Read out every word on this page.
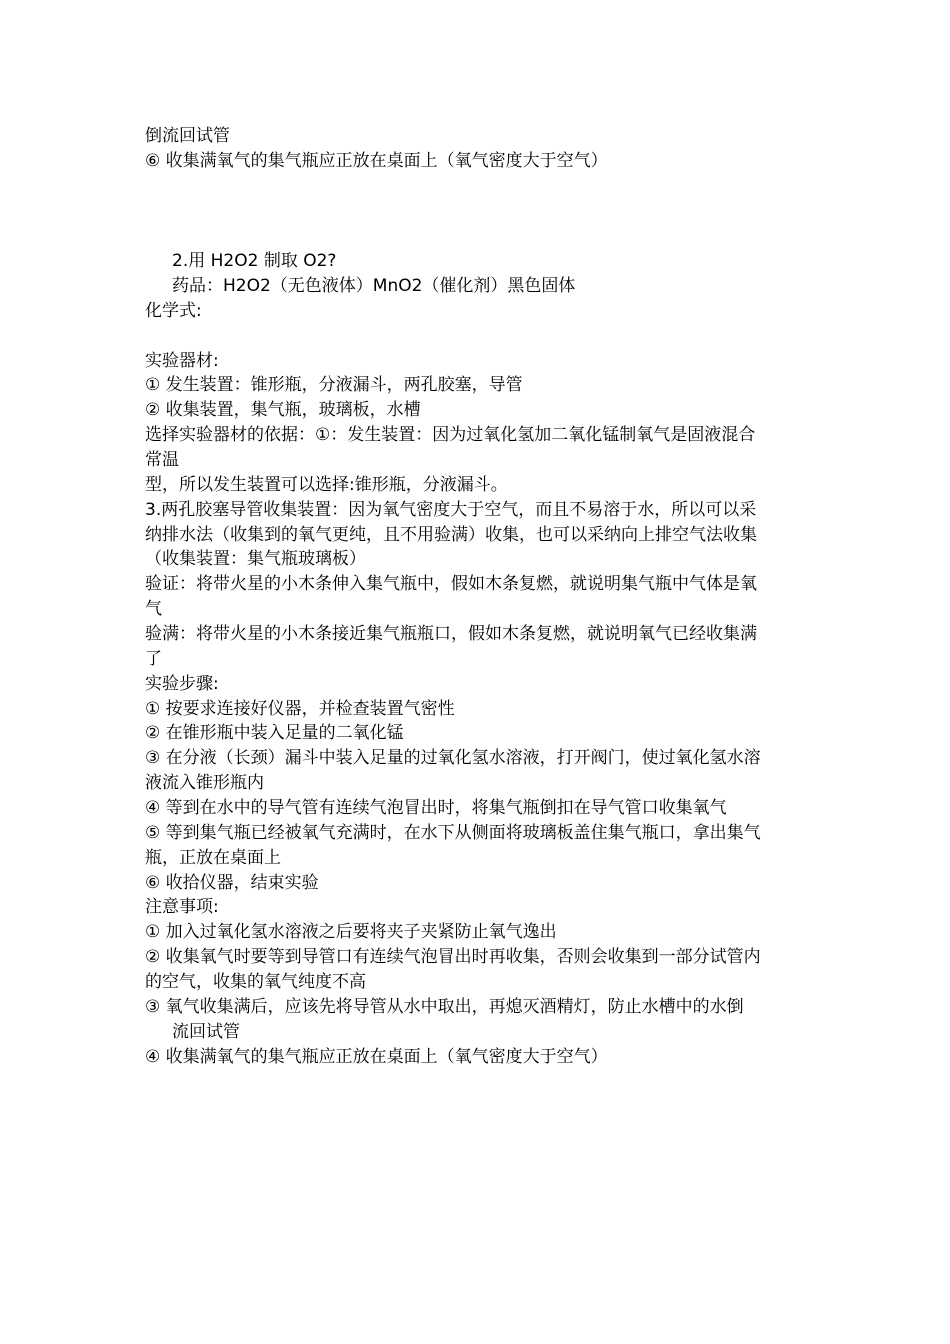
倒流回试管
⑥ 收集满氧气的集气瓶应正放在桌面上（氧气密度大于空气）
2.用 H2O2 制取 O2?
药品：H2O2（无色液体）MnO2（催化剂）黑色固体
化学式:
实验器材:
① 发生装置：锥形瓶，分液漏斗，两孔胶塞，导管
② 收集装置，集气瓶，玻璃板，水槽
选择实验器材的依据：①：发生装置：因为过氧化氢加二氧化锰制氧气是固液混合
常温
型，所以发生装置可以选择:锥形瓶，分液漏斗。
3.两孔胶塞导管收集装置：因为氧气密度大于空气，而且不易溶于水，所以可以采
纳排水法（收集到的氧气更纯，且不用验满）收集，也可以采纳向上排空气法收集
（收集装置：集气瓶玻璃板）
验证：将带火星的小木条伸入集气瓶中，假如木条复燃，就说明集气瓶中气体是氧
气
验满：将带火星的小木条接近集气瓶瓶口，假如木条复燃，就说明氧气已经收集满
了
实验步骤:
① 按要求连接好仪器，并检查装置气密性
② 在锥形瓶中装入足量的二氧化锰
③ 在分液（长颈）漏斗中装入足量的过氧化氢水溶液，打开阀门，使过氧化氢水溶
液流入锥形瓶内
④ 等到在水中的导气管有连续气泡冒出时，将集气瓶倒扣在导气管口收集氧气
⑤ 等到集气瓶已经被氧气充满时，在水下从侧面将玻璃板盖住集气瓶口，拿出集气
瓶，正放在桌面上
⑥ 收拾仪器，结束实验
注意事项:
① 加入过氧化氢水溶液之后要将夹子夹紧防止氧气逸出
② 收集氧气时要等到导管口有连续气泡冒出时再收集，否则会收集到一部分试管内
的空气，收集的氧气纯度不高
③ 氧气收集满后，应该先将导管从水中取出，再熄灭酒精灯，防止水槽中的水倒
流回试管
④ 收集满氧气的集气瓶应正放在桌面上（氧气密度大于空气）
